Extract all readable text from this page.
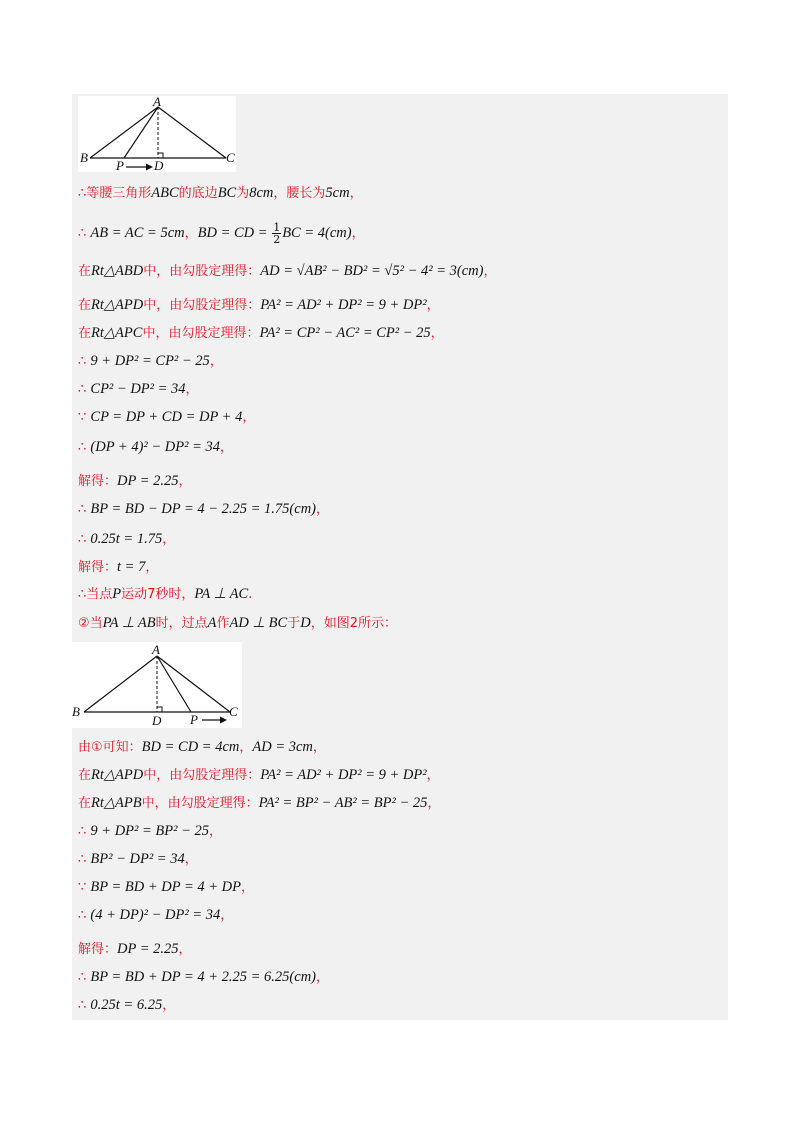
A
B
P D
C
A
B
D P
C
∴等腰三角形ABC的底边BC为8cm，腰长为5cm，
∴ AB = AC = 5cm，BD = CD = $\frac{1}{2}$ BC = 4(cm)，
在Rt△ABD中，由勾股定理得：AD = √AB² − BD² = √5² − 4² = 3(cm)，
在Rt△APD中，由勾股定理得：PA² = AD² + DP² = 9 + DP²，
在Rt△APC中，由勾股定理得：PA² = CP² − AC² = CP² − 25，
∴ 9 + DP² = CP² − 25，
∴ CP² − DP² = 34，
∵ CP = DP + CD = DP + 4，
∴ (DP + 4)² − DP² = 34，
解得：DP = 2.25，
∴ BP = BD − DP = 4 − 2.25 = 1.75(cm)，
∴ 0.25t = 1.75，
解得：t = 7，
∴当点P运动7秒时，PA ⊥ AC.
②当PA ⊥ AB时，过点A作AD ⊥ BC于D，如图2所示：
由①可知：BD = CD = 4cm，AD = 3cm，
在Rt△APD中，由勾股定理得：PA² = AD² + DP² = 9 + DP²，
在Rt△APB中，由勾股定理得：PA² = BP² − AB² = BP² − 25，
∴ 9 + DP² = BP² − 25，
∴ BP² − DP² = 34，
∵ BP = BD + DP = 4 + DP，
∴ (4 + DP)² − DP² = 34，
解得：DP = 2.25，
∴ BP = BD + DP = 4 + 2.25 = 6.25(cm)，
∴ 0.25t = 6.25，
